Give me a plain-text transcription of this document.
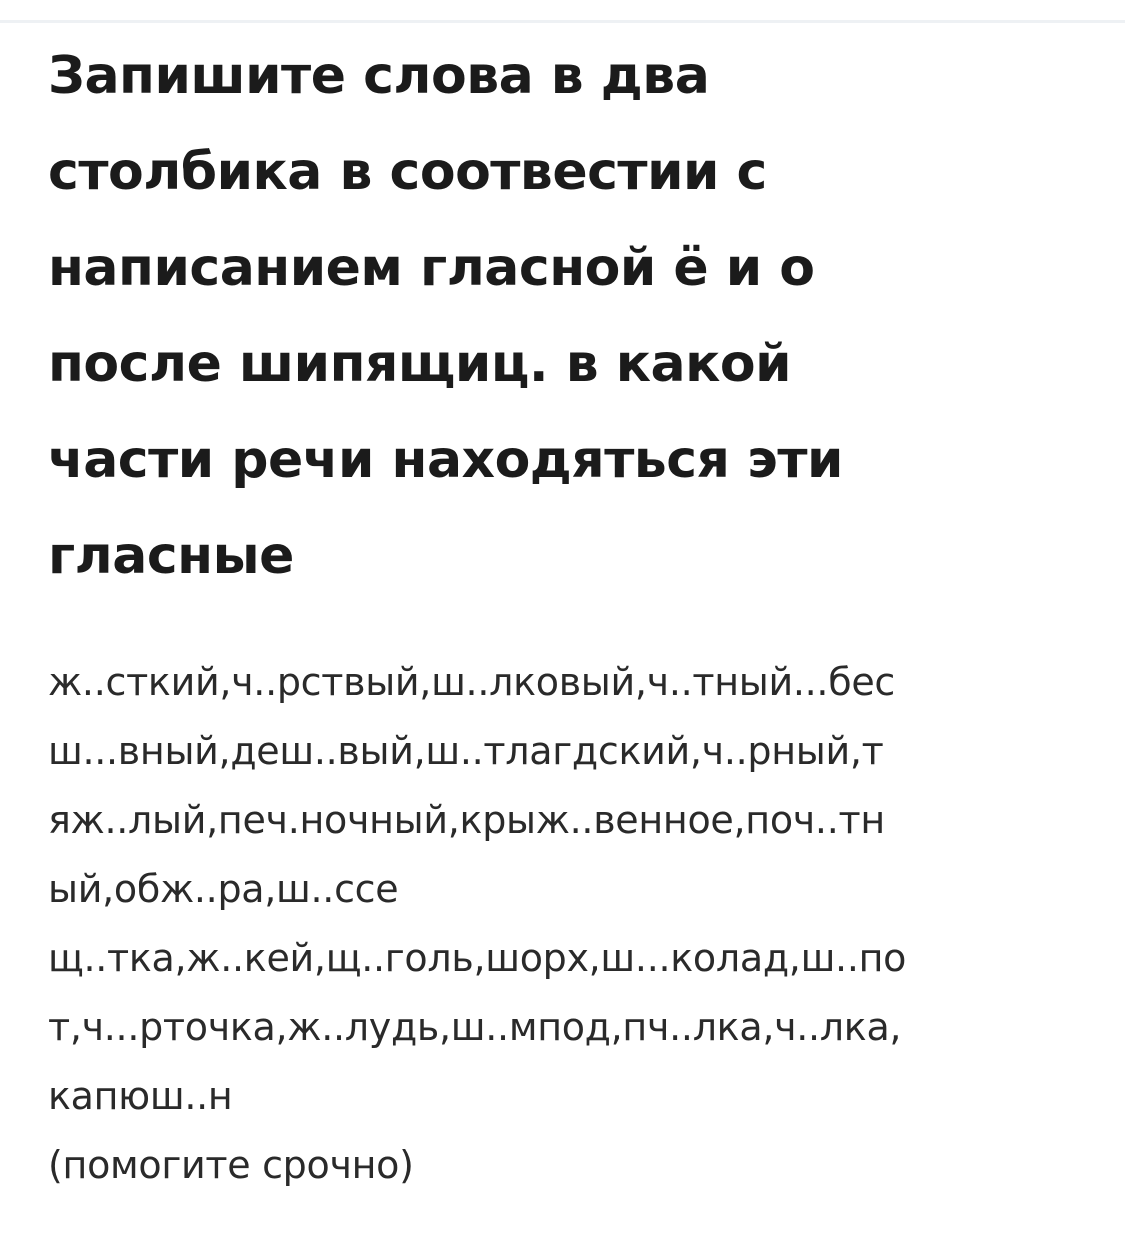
Запишите слова в два
столбика в соотвестии с
написанием гласной ё и о
после шипящиц. в какой
части речи находяться эти
гласные
ж..сткий,ч..рствый,ш..лковый,ч..тный...бес
ш...вный,деш..вый,ш..тлагдский,ч..рный,т
яж..лый,печ.ночный,крыж..венное,поч..тн
ый,обж..ра,ш..ссе
щ..тка,ж..кей,щ..голь,шорх,ш...колад,ш..по
т,ч...рточка,ж..лудь,ш..мпод,пч..лка,ч..лка,
капюш..н
(помогите срочно)
